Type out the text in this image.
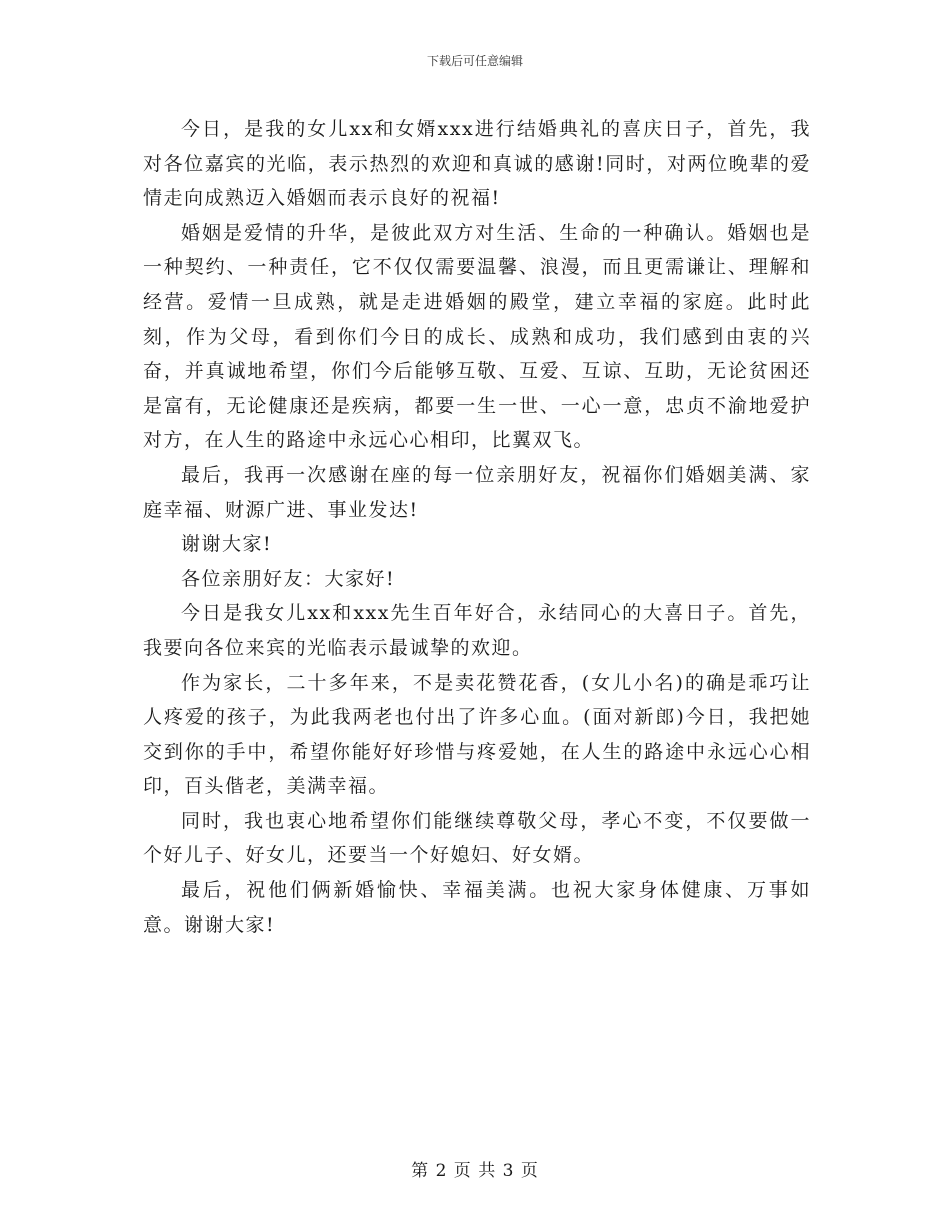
下载后可任意编辑

今日，是我的女儿xx和女婿xxx进行结婚典礼的喜庆日子，首先，我对各位嘉宾的光临，表示热烈的欢迎和真诚的感谢!同时，对两位晚辈的爱情走向成熟迈入婚姻而表示良好的祝福!

婚姻是爱情的升华，是彼此双方对生活、生命的一种确认。婚姻也是一种契约、一种责任，它不仅仅需要温馨、浪漫，而且更需谦让、理解和经营。爱情一旦成熟，就是走进婚姻的殿堂，建立幸福的家庭。此时此刻，作为父母，看到你们今日的成长、成熟和成功，我们感到由衷的兴奋，并真诚地希望，你们今后能够互敬、互爱、互谅、互助，无论贫困还是富有，无论健康还是疾病，都要一生一世、一心一意，忠贞不渝地爱护对方，在人生的路途中永远心心相印，比翼双飞。

最后，我再一次感谢在座的每一位亲朋好友，祝福你们婚姻美满、家庭幸福、财源广进、事业发达!

谢谢大家!

各位亲朋好友：大家好!

今日是我女儿xx和xxx先生百年好合，永结同心的大喜日子。首先，我要向各位来宾的光临表示最诚挚的欢迎。

作为家长，二十多年来，不是卖花赞花香，(女儿小名)的确是乖巧让人疼爱的孩子，为此我两老也付出了许多心血。(面对新郎)今日，我把她交到你的手中，希望你能好好珍惜与疼爱她，在人生的路途中永远心心相印，百头偕老，美满幸福。

同时，我也衷心地希望你们能继续尊敬父母，孝心不变，不仅要做一个好儿子、好女儿，还要当一个好媳妇、好女婿。

最后，祝他们俩新婚愉快、幸福美满。也祝大家身体健康、万事如意。谢谢大家!

第 2 页 共 3 页
